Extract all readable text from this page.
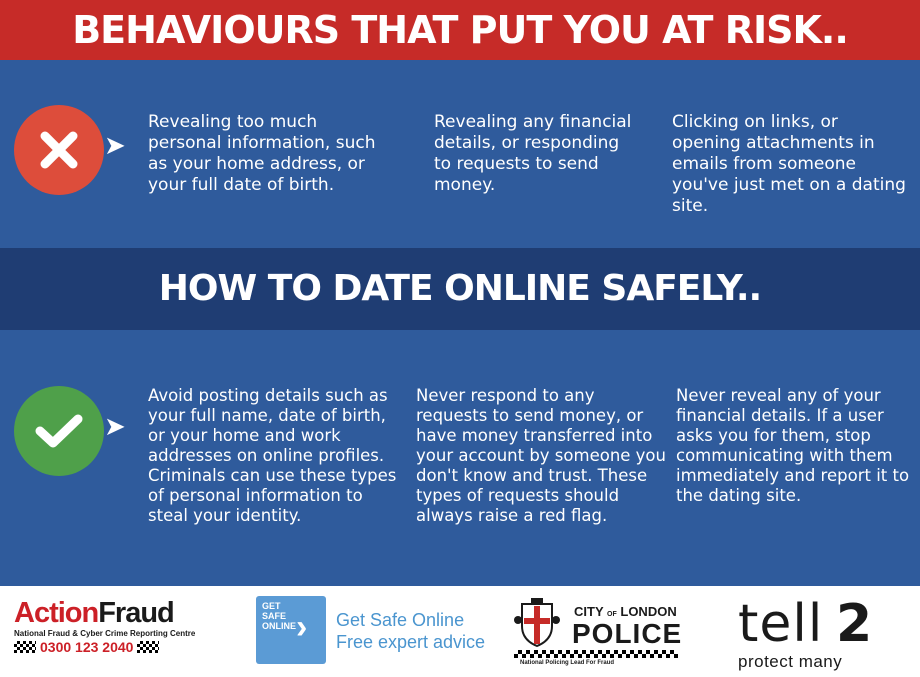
BEHAVIOURS THAT PUT YOU AT RISK..
➤
Revealing too much personal information, such as your home address, or your full date of birth.
Revealing any financial details, or responding to requests to send money.
Clicking on links, or opening attachments in emails from someone you've just met on a dating site.
HOW TO DATE ONLINE SAFELY..
➤
Avoid posting details such as your full name, date of birth, or your home and work addresses on online profiles. Criminals can use these types of personal information to steal your identity.
Never respond to any requests to send money, or have money transferred into your account by someone you don't know and trust. These types of requests should always raise a red flag.
Never reveal any of your financial details. If a user asks you for them, stop communicating with them immediately and report it to the dating site.
ActionFraud
National Fraud & Cyber Crime Reporting Centre
0300 123 2040
GET SAFE ONLINE › Get Safe Online
Free expert advice
CITY OF LONDON
POLICE
National Policing Lead For Fraud
tell 2
protect many
